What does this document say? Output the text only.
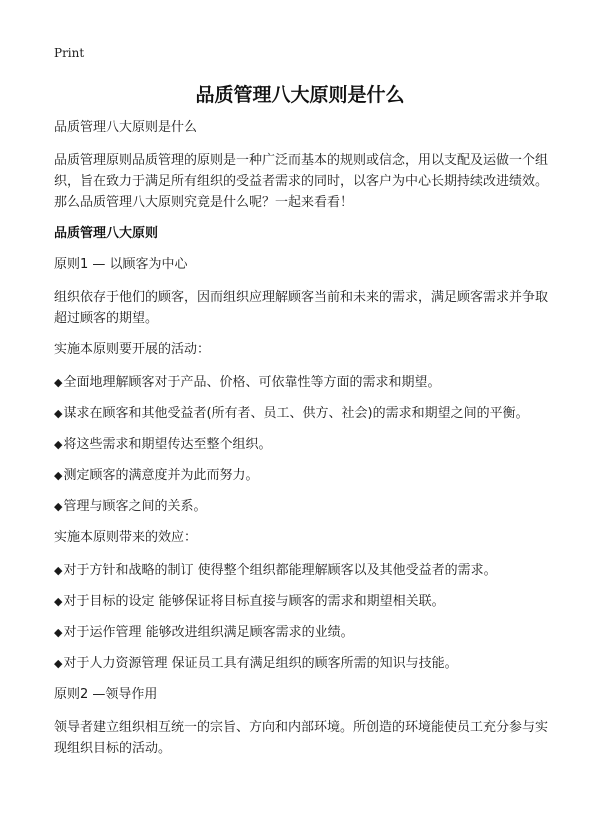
Print
品质管理八大原则是什么

品质管理八大原则是什么

品质管理原则品质管理的原则是一种广泛而基本的规则或信念，用以支配及运做一个组织，旨在致力于满足所有组织的受益者需求的同时，以客户为中心长期持续改进绩效。那么品质管理八大原则究竟是什么呢？一起来看看！

品质管理八大原则

原则1 — 以顾客为中心

组织依存于他们的顾客，因而组织应理解顾客当前和未来的需求，满足顾客需求并争取超过顾客的期望。

实施本原则要开展的活动：

◆全面地理解顾客对于产品、价格、可依靠性等方面的需求和期望。

◆谋求在顾客和其他受益者(所有者、员工、供方、社会)的需求和期望之间的平衡。

◆将这些需求和期望传达至整个组织。

◆测定顾客的满意度并为此而努力。

◆管理与顾客之间的关系。

实施本原则带来的效应：

◆对于方针和战略的制订 使得整个组织都能理解顾客以及其他受益者的需求。

◆对于目标的设定 能够保证将目标直接与顾客的需求和期望相关联。

◆对于运作管理 能够改进组织满足顾客需求的业绩。

◆对于人力资源管理 保证员工具有满足组织的顾客所需的知识与技能。

原则2 —领导作用

领导者建立组织相互统一的宗旨、方向和内部环境。所创造的环境能使员工充分参与实现组织目标的活动。
